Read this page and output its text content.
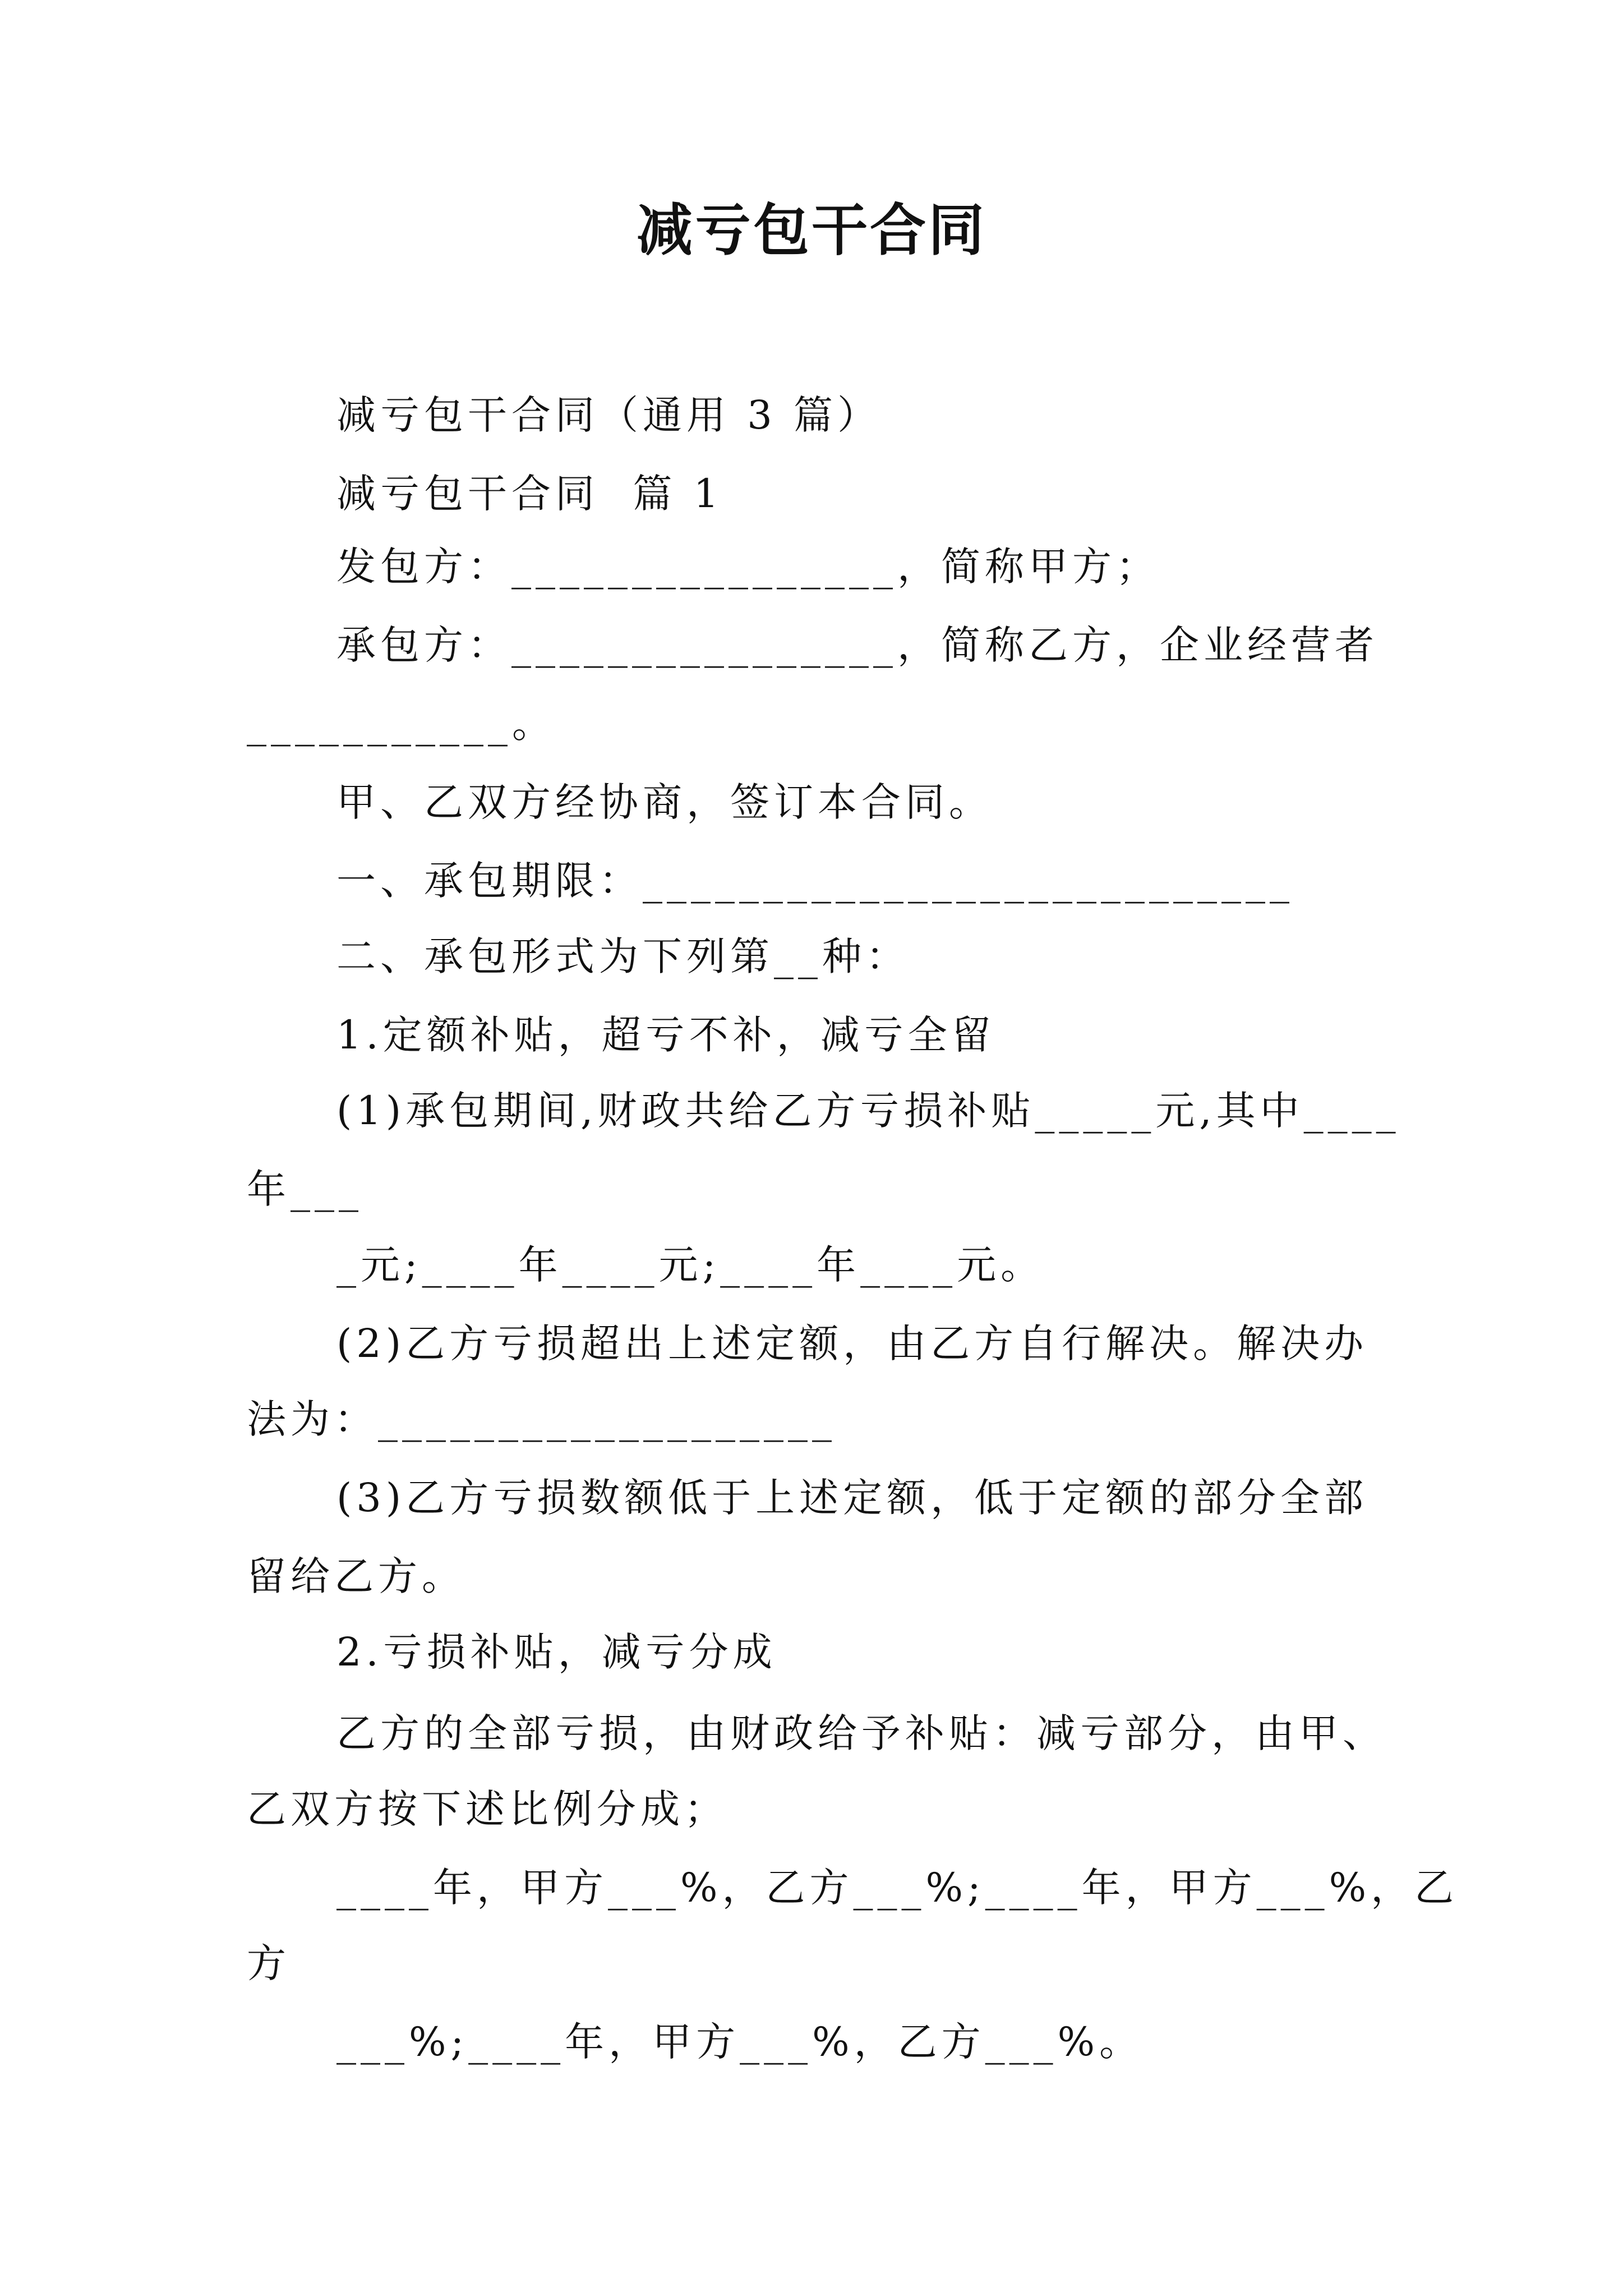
减亏包干合同
减亏包干合同（通用 3 篇）
减亏包干合同  篇 1
发包方：________________，简称甲方；
承包方：________________，简称乙方，企业经营者
___________。
甲、乙双方经协商，签订本合同。
一、承包期限：___________________________
二、承包形式为下列第__种：
1.定额补贴，超亏不补，减亏全留
(1)承包期间,财政共给乙方亏损补贴_____元,其中____
年___
_元;____年____元;____年____元。
(2)乙方亏损超出上述定额，由乙方自行解决。解决办
法为：___________________
(3)乙方亏损数额低于上述定额，低于定额的部分全部
留给乙方。
2.亏损补贴，减亏分成
乙方的全部亏损，由财政给予补贴：减亏部分，由甲、
乙双方按下述比例分成；
____年，甲方___%，乙方___%;____年，甲方___%，乙
方
___%;____年，甲方___%，乙方___%。
